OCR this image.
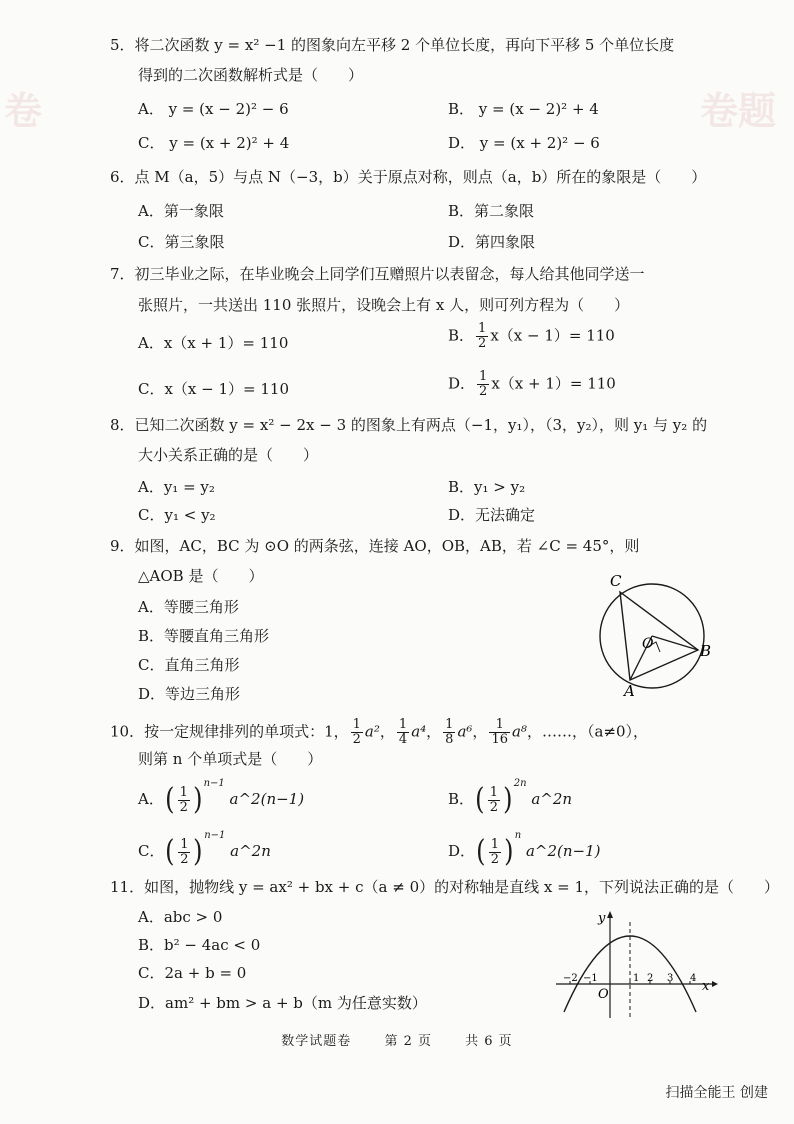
卷	卷题
5．将二次函数 y = x² −1 的图象向左平移 2 个单位长度，再向下平移 5 个单位长度
得到的二次函数解析式是（　　）
A． y = (x − 2)² − 6	B． y = (x − 2)² + 4
C． y = (x + 2)² + 4	D． y = (x + 2)² − 6
6．点 M（a，5）与点 N（−3，b）关于原点对称，则点（a，b）所在的象限是（　　）
A．第一象限	B．第二象限
C．第三象限	D．第四象限
7．初三毕业之际，在毕业晚会上同学们互赠照片以表留念，每人给其他同学送一
张照片，一共送出 110 张照片，设晚会上有 x 人，则可列方程为（　　）
A．x（x + 1）= 110	B． $\frac{1}{2} x(x - 1)= 110$
C．x（x − 1）= 110	D． $\frac{1}{2} x(x + 1)= 110$
8．已知二次函数 y = x² − 2x − 3 的图象上有两点（−1，y₁），（3，y₂），则 y₁ 与 y₂ 的
大小关系正确的是（　　）
A．y₁ = y₂	B．y₁ > y₂
C．y₁ < y₂	D．无法确定
9．如图，AC，BC 为 ⊙O 的两条弦，连接 AO，OB，AB，若 ∠C = 45°，则
△AOB 是（　　）
A．等腰三角形
B．等腰直角三角形
C．直角三角形
D．等边三角形
C
O	B
A
10．按一定规律排列的单项式：1， $\frac{1}{2} a^2$， $\frac{1}{4} a^4$， $\frac{1}{8} a^6$， $\frac{1}{16} a^8$，……，（a≠0），
则第 n 个单项式是（　　）
A．( $\frac{1}{2} )^{n-1}$ a^2(n−1)	B．( $\frac{1}{2} )^{2n}$ a^2n
C．( $\frac{1}{2} )^{n-1}$ a^2n	D．( $\frac{1}{2} )^n$ a^2(n−1)
11．如图，抛物线 y = ax² + bx + c（a ≠ 0）的对称轴是直线 x = 1，下列说法正确的是（　　）
A．abc > 0
B．b² − 4ac < 0
C．2a + b = 0
D．am² + bm > a + b（m 为任意实数）
−2 −1
O
1 2 3 4
x
y
数学试题卷	第 2 页	共 6 页
扫描全能王 创建
